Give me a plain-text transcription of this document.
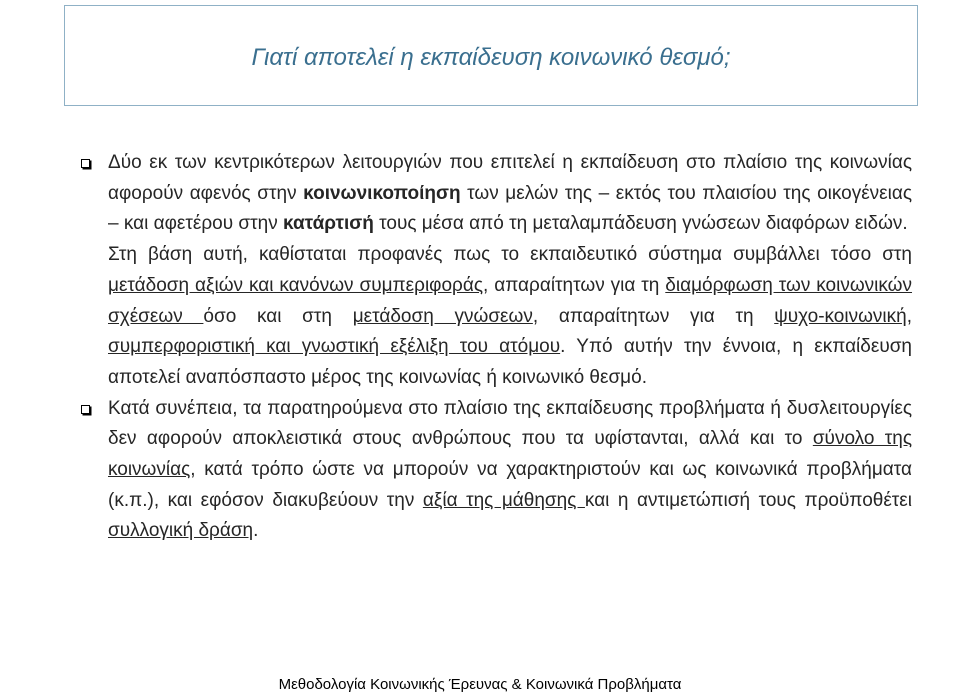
Γιατί αποτελεί η εκπαίδευση κοινωνικό θεσμό;
Δύο εκ των κεντρικότερων λειτουργιών που επιτελεί η εκπαίδευση στο πλαίσιο της κοινωνίας αφορούν αφενός στην κοινωνικοποίηση των μελών της – εκτός του πλαισίου της οικογένειας – και αφετέρου στην κατάρτισή τους μέσα από τη μεταλαμπάδευση γνώσεων διαφόρων ειδών.
Στη βάση αυτή, καθίσταται προφανές πως το εκπαιδευτικό σύστημα συμβάλλει τόσο στη μετάδοση αξιών και κανόνων συμπεριφοράς, απαραίτητων για τη διαμόρφωση των κοινωνικών σχέσεων όσο και στη μετάδοση γνώσεων, απαραίτητων για τη ψυχο-κοινωνική, συμπερφοριστική και γνωστική εξέλιξη του ατόμου. Υπό αυτήν την έννοια, η εκπαίδευση αποτελεί αναπόσπαστο μέρος της κοινωνίας ή κοινωνικό θεσμό.
Κατά συνέπεια, τα παρατηρούμενα στο πλαίσιο της εκπαίδευσης προβλήματα ή δυσλειτουργίες δεν αφορούν αποκλειστικά στους ανθρώπους που τα υφίστανται, αλλά και το σύνολο της κοινωνίας, κατά τρόπο ώστε να μπορούν να χαρακτηριστούν και ως κοινωνικά προβλήματα (κ.π.), και εφόσον διακυβεύουν την αξία της μάθησης και η αντιμετώπισή τους προϋποθέτει συλλογική δράση.
Μεθοδολογία Κοινωνικής Έρευνας & Κοινωνικά Προβλήματα
